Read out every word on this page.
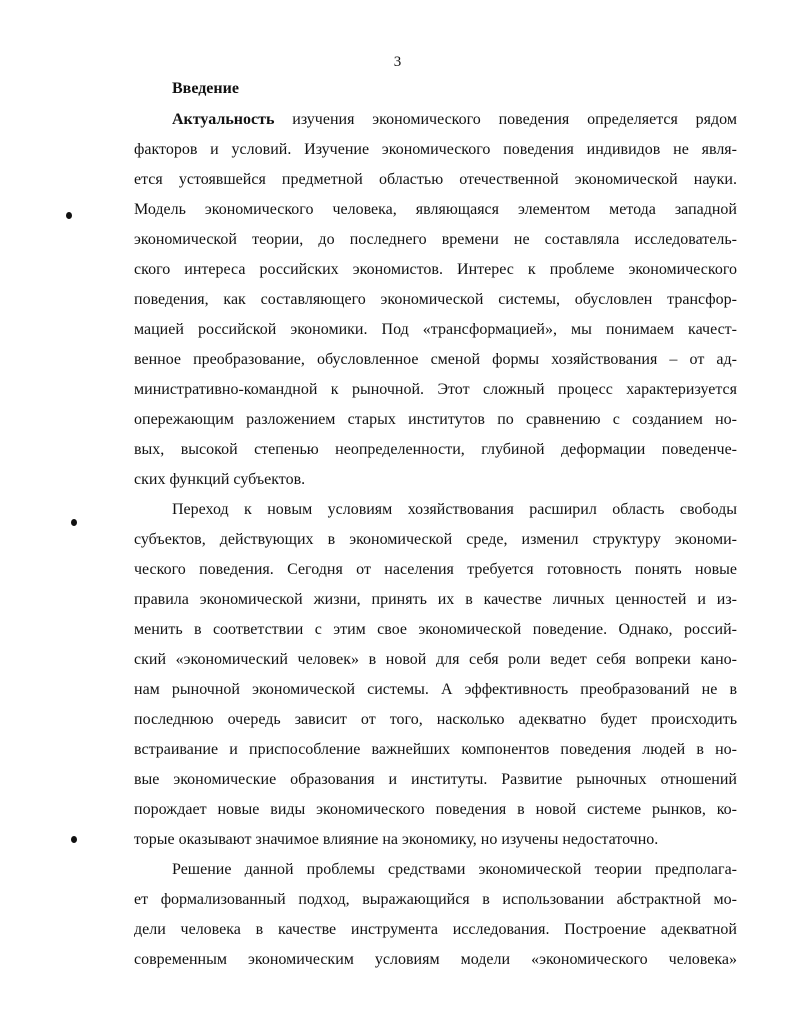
3
Введение
Актуальность изучения экономического поведения определяется рядом
факторов и условий. Изучение экономического поведения индивидов не явля-
ется устоявшейся предметной областью отечественной экономической науки.
Модель экономического человека, являющаяся элементом метода западной
экономической теории, до последнего времени не составляла исследователь-
ского интереса российских экономистов. Интерес к проблеме экономического
поведения, как составляющего экономической системы, обусловлен трансфор-
мацией российской экономики. Под «трансформацией», мы понимаем качест-
венное преобразование, обусловленное сменой формы хозяйствования – от ад-
министративно-командной к рыночной. Этот сложный процесс характеризуется
опережающим разложением старых институтов по сравнению с созданием но-
вых, высокой степенью неопределенности, глубиной деформации поведенче-
ских функций субъектов.
Переход к новым условиям хозяйствования расширил область свободы
субъектов, действующих в экономической среде, изменил структуру экономи-
ческого поведения. Сегодня от населения требуется готовность понять новые
правила экономической жизни, принять их в качестве личных ценностей и из-
менить в соответствии с этим свое экономической поведение. Однако, россий-
ский «экономический человек» в новой для себя роли ведет себя вопреки кано-
нам рыночной экономической системы. А эффективность преобразований не в
последнюю очередь зависит от того, насколько адекватно будет происходить
встраивание и приспособление важнейших компонентов поведения людей в но-
вые экономические образования и институты. Развитие рыночных отношений
порождает новые виды экономического поведения в новой системе рынков, ко-
торые оказывают значимое влияние на экономику, но изучены недостаточно.
Решение данной проблемы средствами экономической теории предполага-
ет формализованный подход, выражающийся в использовании абстрактной мо-
дели человека в качестве инструмента исследования. Построение адекватной
современным экономическим условиям модели «экономического человека»
